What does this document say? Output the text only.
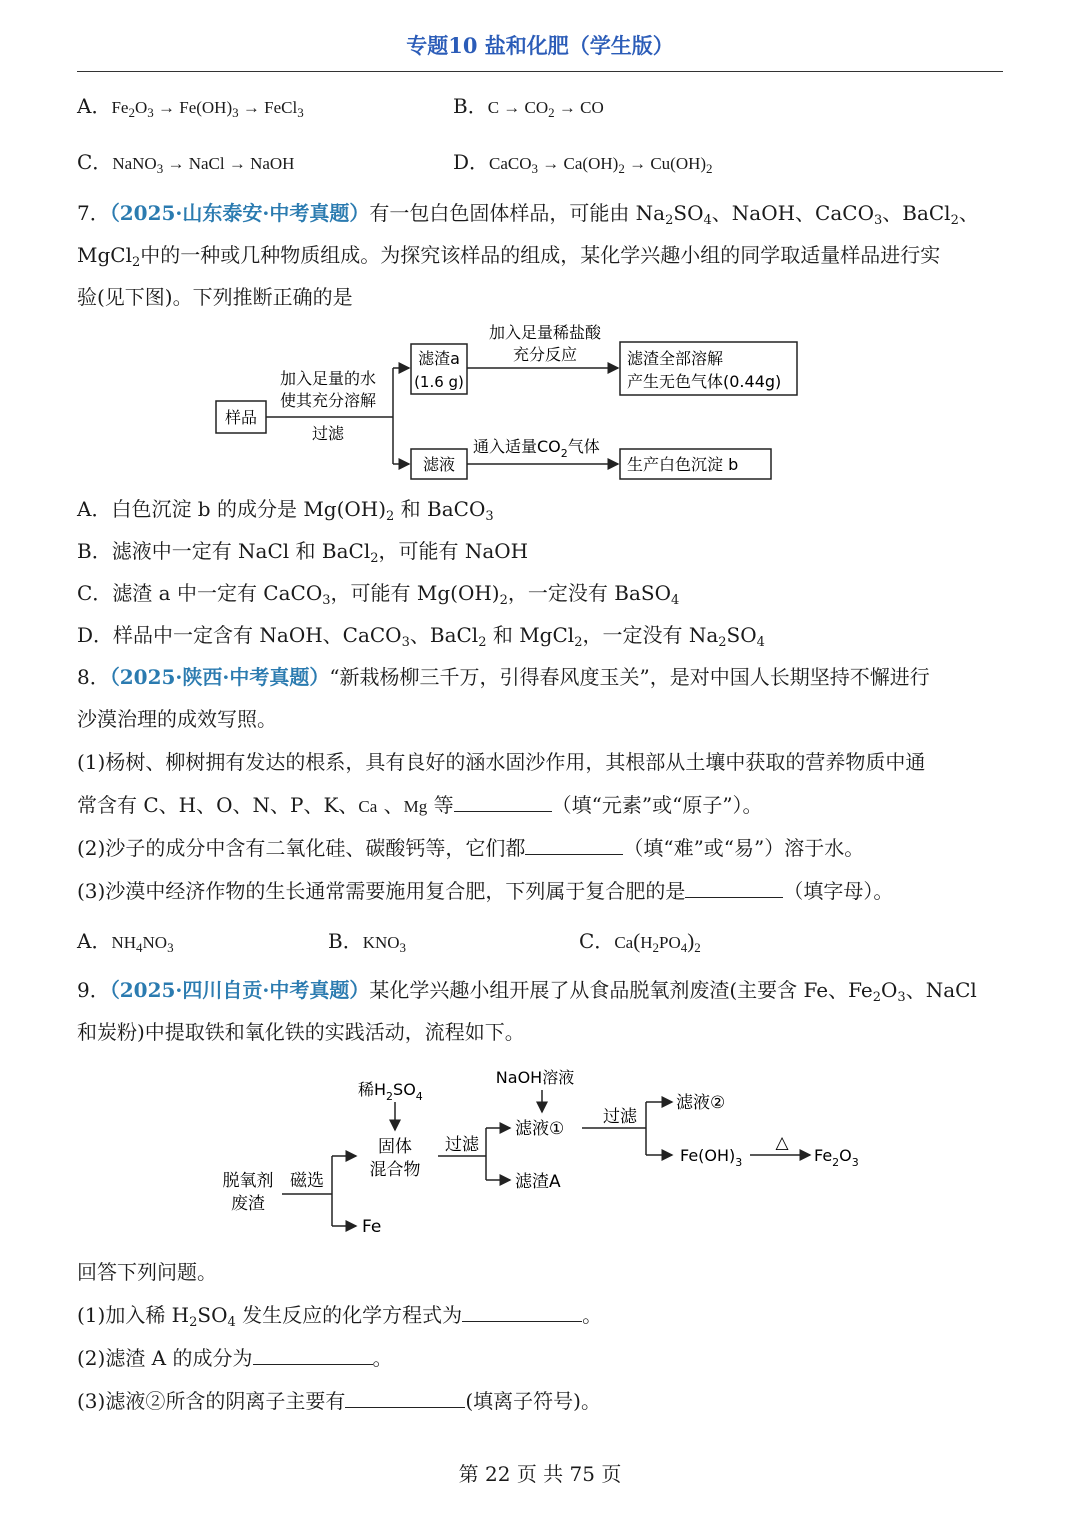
专题10 盐和化肥（学生版）
A．$Fe_2O_3 \to Fe(OH)_3$ → FeCl$_3$	B．$C \to CO_2$ → CO
C．NaNO$_3$ → NaCl → NaOH	D．CaCO$_3$ → $Ca(OH)_2 \to Cu(OH)_2$
7．（2025·山东泰安·中考真题）有一包白色固体样品，可能由 $Na_2SO_4$、NaOH、CaCO$_3$、BaCl$_2$、
MgCl$_2$中的一种或几种物质组成。为探究该样品的组成，某化学兴趣小组的同学取适量样品进行实
验(见下图)。下列推断正确的是
样品
加入足量的水
使其充分溶解
过滤
滤渣a
(1.6 g)
加入足量稀盐酸
充分反应	滤渣全部溶解
产生无色气体(0.44g)
滤液
通入适量$CO_2$气体
生产白色沉淀 b
A．白色沉淀 b 的成分是 $Mg(OH)_2$ 和 BaCO$_3$
B．滤液中一定有 NaCl 和 BaCl$_2$，可能有 NaOH
C．滤渣 a 中一定有 CaCO$_3$，可能有 $Mg(OH)_2$，一定没有 BaSO$_4$
D．样品中一定含有 NaOH、CaCO$_3$、BaCl$_2$ 和 MgCl$_2$，一定没有 $Na_2SO_4$
8．（2025·陕西·中考真题）“新栽杨柳三千万，引得春风度玉关”，是对中国人长期坚持不懈进行
沙漠治理的成效写照。
(1)杨树、柳树拥有发达的根系，具有良好的涵水固沙作用，其根部从土壤中获取的营养物质中通
常含有 C、H、O、N、P、K、Ca 、Mg 等	（填“元素”或“原子”）。
(2)沙子的成分中含有二氧化硅、碳酸钙等，它们都	（填“难”或“易”）溶于水。
(3)沙漠中经济作物的生长通常需要施用复合肥，下列属于复合肥的是	（填字母）。
A．$NH_4NO_3$	B．$KNO_3$	C．$Ca(H_2PO_4)_2$
9．（2025·四川自贡·中考真题）某化学兴趣小组开展了从食品脱氧剂废渣(主要含 Fe、$Fe_2O_3$、NaCl
和炭粉)中提取铁和氧化铁的实践活动，流程如下。
稀$H_2SO_4$
固体
混合物
脱氧剂
废渣
磁选
Fe
过滤
NaOH溶液
滤液①
滤渣A
过滤
滤液②
$Fe(OH)_3$
△
$Fe_2O_3$
回答下列问题。
(1)加入稀 $H_2SO_4$ 发生反应的化学方程式为	。
(2)滤渣 A 的成分为	。
(3)滤液②所含的阴离子主要有	(填离子符号)。
第 22 页 共 75 页
